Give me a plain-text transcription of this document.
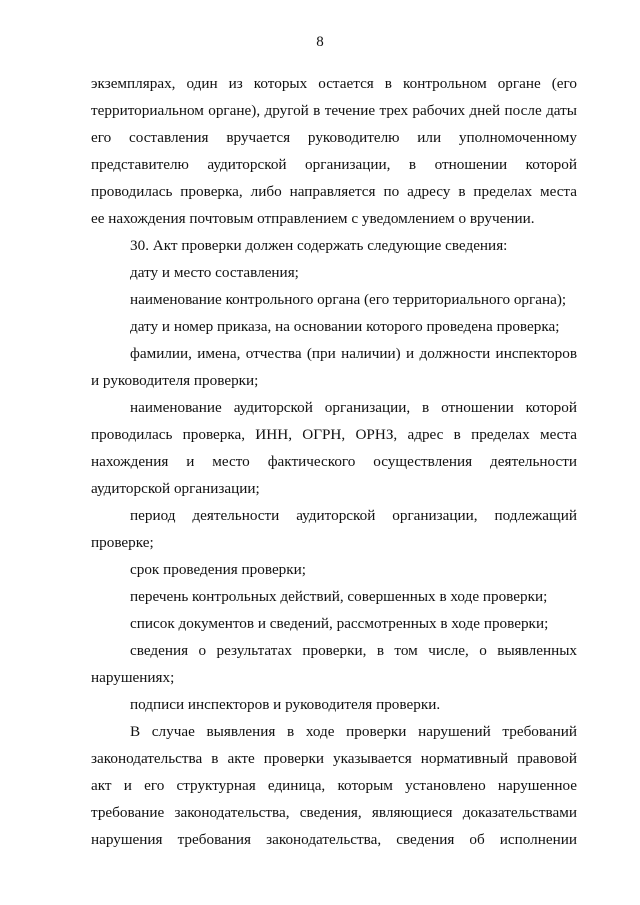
8
экземплярах, один из которых остается в контрольном органе (его
территориальном органе), другой в течение трех рабочих дней после даты
его составления вручается руководителю или уполномоченному
представителю аудиторской организации, в отношении которой
проводилась проверка, либо направляется по адресу в пределах места
ее нахождения почтовым отправлением с уведомлением о вручении.
30. Акт проверки должен содержать следующие сведения:
дату и место составления;
наименование контрольного органа (его территориального органа);
дату и номер приказа, на основании которого проведена проверка;
фамилии, имена, отчества (при наличии) и должности инспекторов
и руководителя проверки;
наименование аудиторской организации, в отношении которой
проводилась проверка, ИНН, ОГРН, ОРНЗ, адрес в пределах места
нахождения и место фактического осуществления деятельности
аудиторской организации;
период деятельности аудиторской организации, подлежащий
проверке;
срок проведения проверки;
перечень контрольных действий, совершенных в ходе проверки;
список документов и сведений, рассмотренных в ходе проверки;
сведения о результатах проверки, в том числе, о выявленных
нарушениях;
подписи инспекторов и руководителя проверки.
В случае выявления в ходе проверки нарушений требований
законодательства в акте проверки указывается нормативный правовой
акт и его структурная единица, которым установлено нарушенное
требование законодательства, сведения, являющиеся доказательствами
нарушения требования законодательства, сведения об исполнении
